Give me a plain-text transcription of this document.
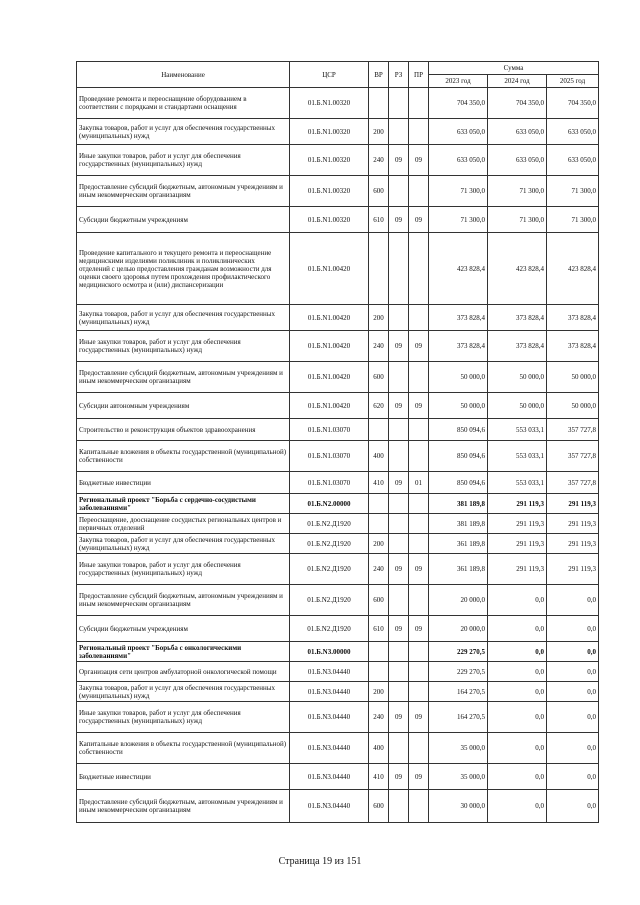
Наименование	ЦСР	ВР	РЗ	ПР	Сумма		
					2023 год	2024 год	2025 год
Проведение ремонта и переоснащение оборудованием в соответствии с порядками и стандартами оснащения	01.Б.N1.00320				704 350,0	704 350,0	704 350,0
Закупка товаров, работ и услуг для обеспечения государственных (муниципальных) нужд	01.Б.N1.00320	200			633 050,0	633 050,0	633 050,0
Иные закупки товаров, работ и услуг для обеспечения государственных (муниципальных) нужд	01.Б.N1.00320	240	09	09	633 050,0	633 050,0	633 050,0
Предоставление субсидий бюджетным, автономным учреждениям и иным некоммерческим организациям	01.Б.N1.00320	600			71 300,0	71 300,0	71 300,0
Субсидии бюджетным учреждениям	01.Б.N1.00320	610	09	09	71 300,0	71 300,0	71 300,0
Проведение капитального и текущего ремонта и переоснащение медицинскими изделиями поликлиник и поликлинических отделений с целью предоставления гражданам возможности для оценки своего здоровья путем прохождения профилактического медицинского осмотра и (или) диспансеризации	01.Б.N1.00420				423 828,4	423 828,4	423 828,4
Закупка товаров, работ и услуг для обеспечения государственных (муниципальных) нужд	01.Б.N1.00420	200			373 828,4	373 828,4	373 828,4
Иные закупки товаров, работ и услуг для обеспечения государственных (муниципальных) нужд	01.Б.N1.00420	240	09	09	373 828,4	373 828,4	373 828,4
Предоставление субсидий бюджетным, автономным учреждениям и иным некоммерческим организациям	01.Б.N1.00420	600			50 000,0	50 000,0	50 000,0
Субсидии автономным учреждениям	01.Б.N1.00420	620	09	09	50 000,0	50 000,0	50 000,0
Строительство и реконструкция объектов здравоохранения	01.Б.N1.03070				850 094,6	553 033,1	357 727,8
Капитальные вложения в объекты государственной (муниципальной) собственности	01.Б.N1.03070	400			850 094,6	553 033,1	357 727,8
Бюджетные инвестиции	01.Б.N1.03070	410	09	01	850 094,6	553 033,1	357 727,8
Региональный проект "Борьба с сердечно-сосудистыми заболеваниями"	01.Б.N2.00000				381 189,8	291 119,3	291 119,3
Переоснащение, дооснащение сосудистых региональных центров и первичных отделений	01.Б.N2.Д1920				381 189,8	291 119,3	291 119,3
Закупка товаров, работ и услуг для обеспечения государственных (муниципальных) нужд	01.Б.N2.Д1920	200			361 189,8	291 119,3	291 119,3
Иные закупки товаров, работ и услуг для обеспечения государственных (муниципальных) нужд	01.Б.N2.Д1920	240	09	09	361 189,8	291 119,3	291 119,3
Предоставление субсидий бюджетным, автономным учреждениям и иным некоммерческим организациям	01.Б.N2.Д1920	600			20 000,0	0,0	0,0
Субсидии бюджетным учреждениям	01.Б.N2.Д1920	610	09	09	20 000,0	0,0	0,0
Региональный проект "Борьба с онкологическими заболеваниями"	01.Б.N3.00000				229 270,5	0,0	0,0
Организация сети центров амбулаторной онкологической помощи	01.Б.N3.04440				229 270,5	0,0	0,0
Закупка товаров, работ и услуг для обеспечения государственных (муниципальных) нужд	01.Б.N3.04440	200			164 270,5	0,0	0,0
Иные закупки товаров, работ и услуг для обеспечения государственных (муниципальных) нужд	01.Б.N3.04440	240	09	09	164 270,5	0,0	0,0
Капитальные вложения в объекты государственной (муниципальной) собственности	01.Б.N3.04440	400			35 000,0	0,0	0,0
Бюджетные инвестиции	01.Б.N3.04440	410	09	09	35 000,0	0,0	0,0
Предоставление субсидий бюджетным, автономным учреждениям и иным некоммерческим организациям	01.Б.N3.04440	600			30 000,0	0,0	0,0
Страница 19 из 151
